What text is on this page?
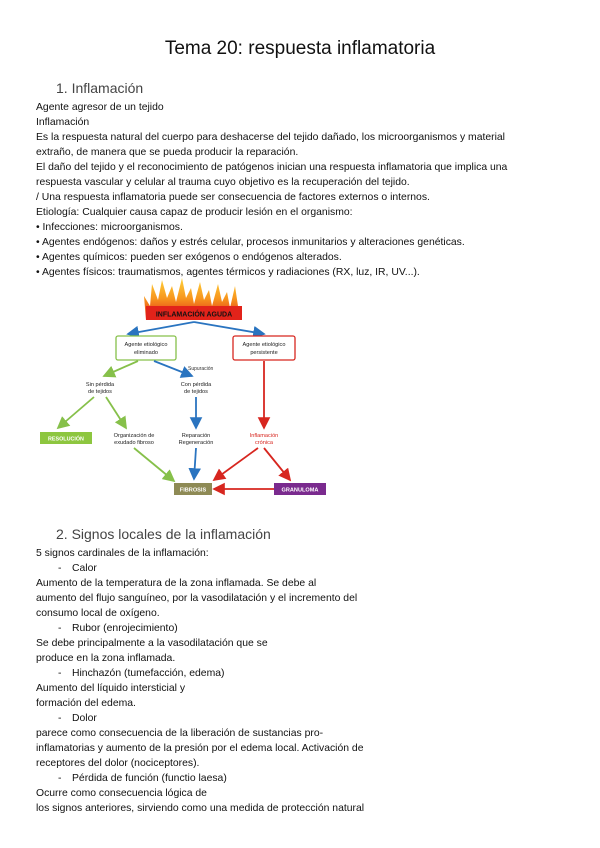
Tema 20: respuesta inflamatoria
1. Inflamación
Agente agresor de un tejido
Inflamación
Es la respuesta natural del cuerpo para deshacerse del tejido dañado, los microorganismos y material
extraño, de manera que se pueda producir la reparación.
El daño del tejido y el reconocimiento de patógenos inician una respuesta inflamatoria que implica una
respuesta vascular y celular al trauma cuyo objetivo es la recuperación del tejido.
/ Una respuesta inflamatoria puede ser consecuencia de factores externos o internos.
Etiología: Cualquier causa capaz de producir lesión en el organismo:
• Infecciones: microorganismos.
• Agentes endógenos: daños y estrés celular, procesos inmunitarios y alteraciones genéticas.
• Agentes químicos: pueden ser exógenos o endógenos alterados.
• Agentes físicos: traumatismos, agentes térmicos y radiaciones (RX, luz, IR, UV...).
INFLAMACIÓN AGUDA
Agente etiológico
eliminado
Agente etiológico
persistente
Supuración
Sin pérdida
de tejidos
Con pérdida
de tejidos
RESOLUCIÓN
Organización de
exudado fibroso
Reparación
Regeneración
Inflamación
crónica
FIBROSIS	GRANULOMA
2. Signos locales de la inflamación
5 signos cardinales de la inflamación:
- Calor
Aumento de la temperatura de la zona inflamada. Se debe al
aumento del flujo sanguíneo, por la vasodilatación y el incremento del
consumo local de oxígeno.
- Rubor (enrojecimiento)
Se debe principalmente a la vasodilatación que se
produce en la zona inflamada.
- Hinchazón (tumefacción, edema)
Aumento del líquido intersticial y
formación del edema.
- Dolor
parece como consecuencia de la liberación de sustancias pro-
inflamatorias y aumento de la presión por el edema local. Activación de
receptores del dolor (nociceptores).
- Pérdida de función (functio laesa)
Ocurre como consecuencia lógica de
los signos anteriores, sirviendo como una medida de protección natural
